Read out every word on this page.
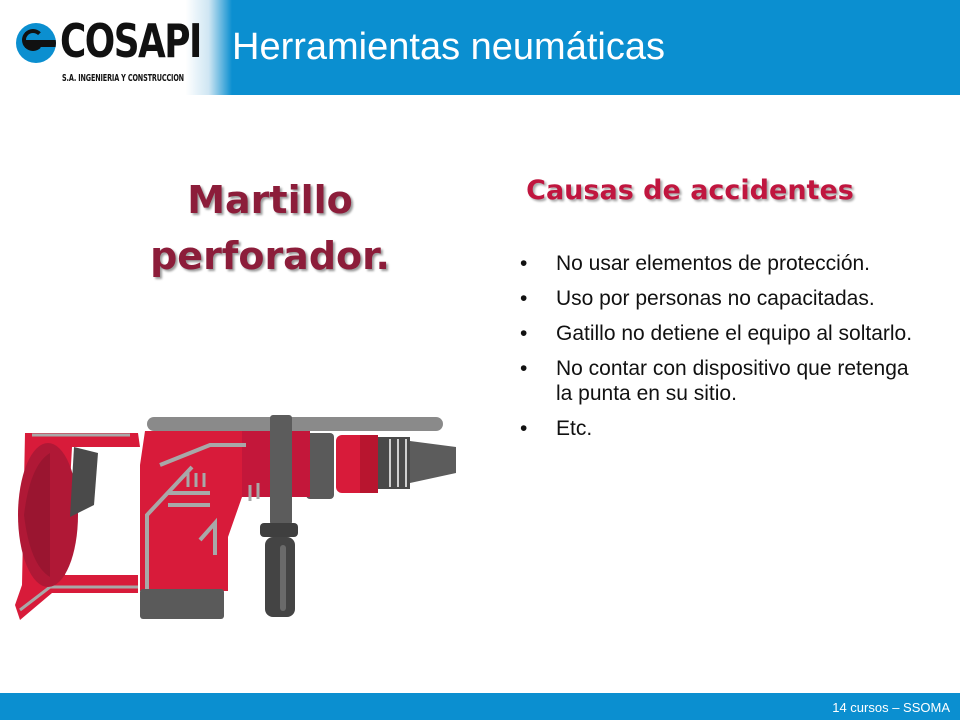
COSAPI
S.A. INGENIERIA Y CONSTRUCCION
Herramientas neumáticas
Martillo
perforador.
Causas de accidentes
• No usar elementos de protección.
• Uso por personas no capacitadas.
• Gatillo no detiene el equipo al soltarlo.
• No contar con dispositivo que retenga la punta en su sitio.
• Etc.
14 cursos – SSOMA
